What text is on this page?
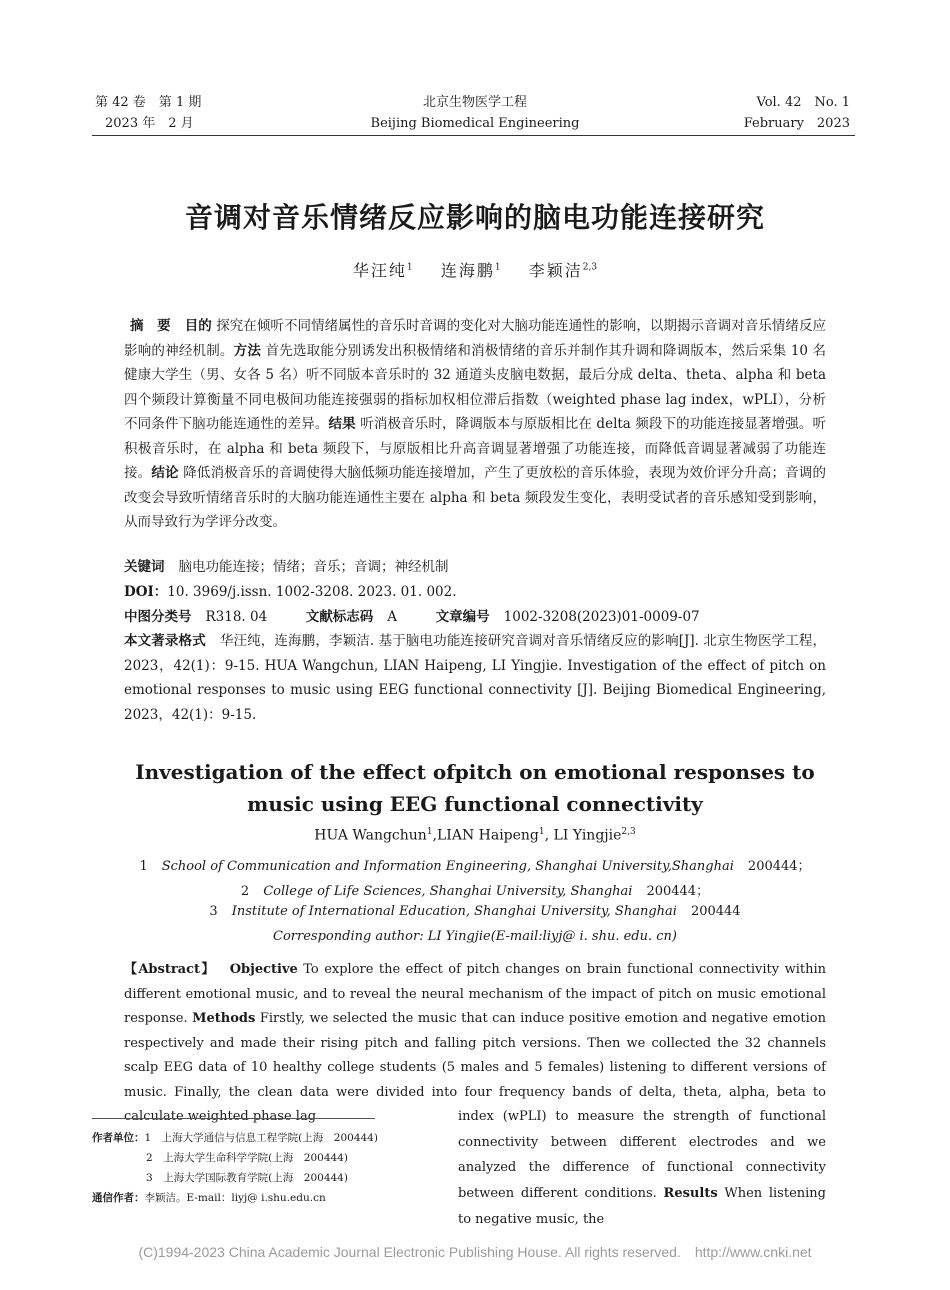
第 42 卷　第 1 期
2023 年　2 月
北京生物医学工程
Beijing Biomedical Engineering
Vol. 42　No. 1
February　2023
音调对音乐情绪反应影响的脑电功能连接研究
华汪纯$^1$ 连海鹏$^1$ 李颖洁$^{2,3}$
摘　要 目的 探究在倾听不同情绪属性的音乐时音调的变化对大脑功能连通性的影响，以期揭示音调对音乐情绪反应影响的神经机制。方法 首先选取能分别诱发出积极情绪和消极情绪的音乐并制作其升调和降调版本，然后采集 10 名健康大学生（男、女各 5 名）听不同版本音乐时的 32 通道头皮脑电数据，最后分成 delta、theta、alpha 和 beta 四个频段计算衡量不同电极间功能连接强弱的指标加权相位滞后指数（weighted phase lag index，wPLI），分析不同条件下脑功能连通性的差异。结果 听消极音乐时，降调版本与原版相比在 delta 频段下的功能连接显著增强。听积极音乐时，在 alpha 和 beta 频段下，与原版相比升高音调显著增强了功能连接，而降低音调显著减弱了功能连接。结论 降低消极音乐的音调使得大脑低频功能连接增加，产生了更放松的音乐体验，表现为效价评分升高；音调的改变会导致听情绪音乐时的大脑功能连通性主要在 alpha 和 beta 频段发生变化，表明受试者的音乐感知受到影响，从而导致行为学评分改变。
关键词 脑电功能连接；情绪；音乐；音调；神经机制
DOI：10. 3969/j.issn. 1002-3208. 2023. 01. 002.
中图分类号 R318. 04	文献标志码 A	文章编号 1002-3208(2023)01-0009-07
本文著录格式 华汪纯，连海鹏，李颖洁. 基于脑电功能连接研究音调对音乐情绪反应的影响[J]. 北京生物医学工程，2023，42(1)：9-15. HUA Wangchun, LIAN Haipeng, LI Yingjie. Investigation of the effect of pitch on emotional responses to music using EEG functional connectivity [J]. Beijing Biomedical Engineering, 2023，42(1)：9-15.
Investigation of the effect ofpitch on emotional responses to
music using EEG functional connectivity
HUA Wangchun$^1$,LIAN Haipeng$^1$, LI Yingjie$^{2,3}$
1 School of Communication and Information Engineering, Shanghai University,Shanghai 200444；
2 College of Life Sciences, Shanghai University, Shanghai 200444；
3 Institute of International Education, Shanghai University, Shanghai 200444
Corresponding author: LI Yingjie(E-mail:liyj@ i. shu. edu. cn)
【Abstract】 Objective To explore the effect of pitch changes on brain functional connectivity within different emotional music, and to reveal the neural mechanism of the impact of pitch on music emotional response. Methods Firstly, we selected the music that can induce positive emotion and negative emotion respectively and made their rising pitch and falling pitch versions. Then we collected the 32 channels scalp EEG data of 10 healthy college students (5 males and 5 females) listening to different versions of music. Finally, the clean data were divided into four frequency bands of delta, theta, alpha, beta to calculate weighted phase lag	index (wPLI) to measure the strength of functional connectivity between different electrodes and we analyzed the difference of functional connectivity between different conditions. Results When listening to negative music, the
作者单位：1　上海大学通信与信息工程学院(上海　200444)
2　上海大学生命科学学院(上海　200444)
3　上海大学国际教育学院(上海　200444)
通信作者：李颖洁。E-mail：liyj@ i.shu.edu.cn
(C)1994-2023 China Academic Journal Electronic Publishing House. All rights reserved.　http://www.cnki.net
